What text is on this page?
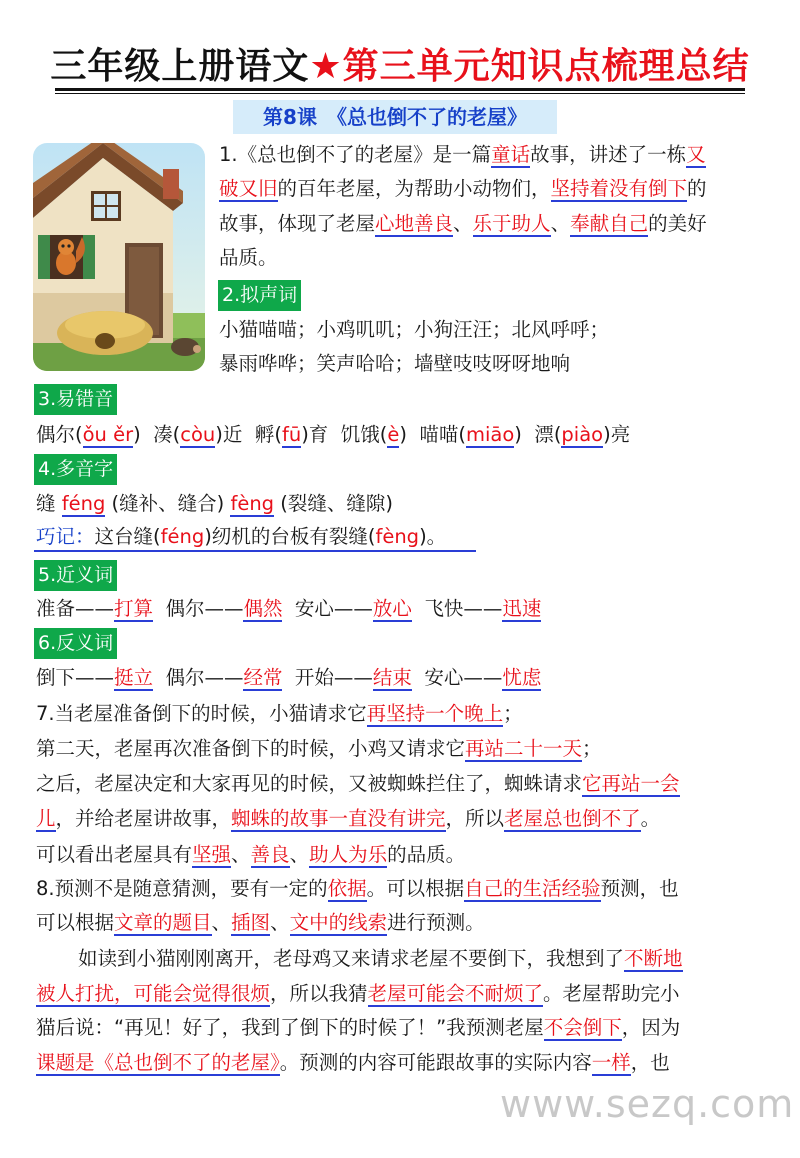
三年级上册语文★第三单元知识点梳理总结
第8课　《总也倒不了的老屋》
1.《总也倒不了的老屋》是一篇童话故事，讲述了一栋又
破又旧的百年老屋，为帮助小动物们，坚持着没有倒下的
故事，体现了老屋心地善良、乐于助人、奉献自己的美好
品质。
2.拟声词
小猫喵喵；小鸡叽叽；小狗汪汪；北风呼呼；
暴雨哗哗；笑声哈哈；墙壁吱吱呀呀地响
3.易错音
偶尔(ǒu ěr)  凑(còu)近 孵(fū)育 饥饿(è)  喵喵(miāo)  漂(piào)亮
4.多音字
缝 féng (缝补、缝合) fèng (裂缝、缝隙)
巧记：这台缝(féng)纫机的台板有裂缝(fèng)。
5.近义词
准备——打算 偶尔——偶然 安心——放心 飞快——迅速
6.反义词
倒下——挺立 偶尔——经常 开始——结束 安心——忧虑
7.当老屋准备倒下的时候，小猫请求它再坚持一个晚上；
第二天，老屋再次准备倒下的时候，小鸡又请求它再站二十一天；
之后，老屋决定和大家再见的时候，又被蜘蛛拦住了，蜘蛛请求它再站一会
儿，并给老屋讲故事，蜘蛛的故事一直没有讲完，所以老屋总也倒不了。
可以看出老屋具有坚强、善良、助人为乐的品质。
8.预测不是随意猜测，要有一定的依据。可以根据自己的生活经验预测，也
可以根据文章的题目、插图、文中的线索进行预测。
如读到小猫刚刚离开，老母鸡又来请求老屋不要倒下，我想到了不断地
被人打扰，可能会觉得很烦，所以我猜老屋可能会不耐烦了。老屋帮助完小
猫后说：“再见！好了，我到了倒下的时候了！”我预测老屋不会倒下，因为
课题是《总也倒不了的老屋》。预测的内容可能跟故事的实际内容一样，也
www.sezq.com
